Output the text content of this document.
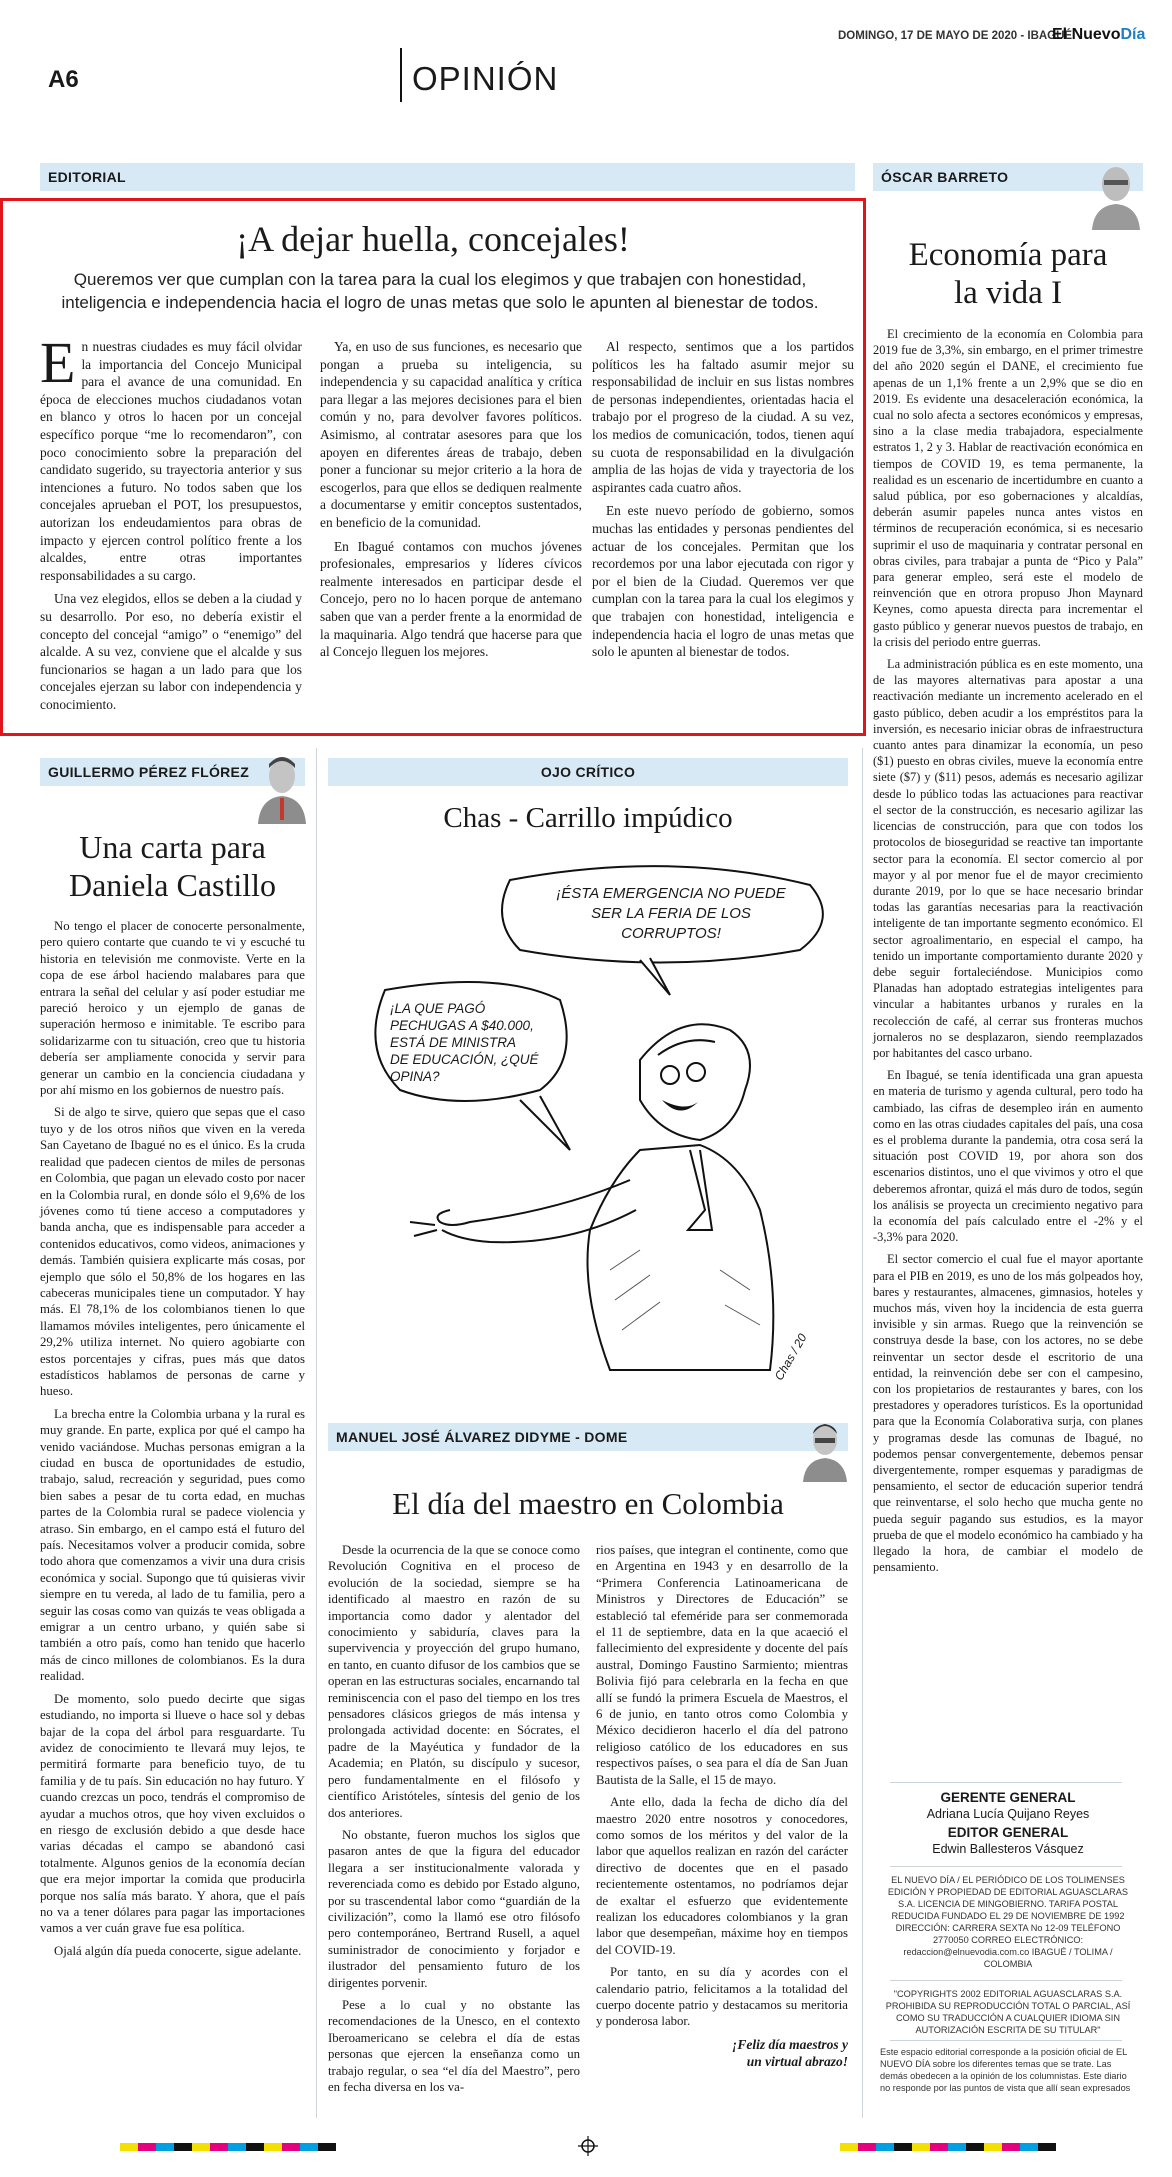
DOMINGO, 17 DE MAYO DE 2020 - IBAGUÉ
El NuevoDía
A6	OPINIÓN
EDITORIAL
¡A dejar huella, concejales!
Queremos ver que cumplan con la tarea para la cual los elegimos y que trabajen con honestidad, inteligencia e independencia hacia el logro de unas metas que solo le apunten al bienestar de todos.

En nuestras ciudades es muy fácil olvidar la importancia del Concejo Municipal para el avance de una comunidad. En época de elecciones muchos ciudadanos votan en blanco y otros lo hacen por un concejal específico porque “me lo recomendaron”, con poco conocimiento sobre la preparación del candidato sugerido, su trayectoria anterior y sus intenciones a futuro. No todos saben que los concejales aprueban el POT, los presupuestos, autorizan los endeudamientos para obras de impacto y ejercen control político frente a los alcaldes, entre otras importantes responsabilidades a su cargo.

Una vez elegidos, ellos se deben a la ciudad y su desarrollo. Por eso, no debería existir el concepto del concejal “amigo” o “enemigo” del alcalde. A su vez, conviene que el alcalde y sus funcionarios se hagan a un lado para que los concejales ejerzan su labor con independencia y conocimiento.

Ya, en uso de sus funciones, es necesario que pongan a prueba su inteligencia, su independencia y su capacidad analítica y crítica para llegar a las mejores decisiones para el bien común y no, para devolver favores políticos. Asimismo, al contratar asesores para que los apoyen en diferentes áreas de trabajo, deben poner a funcionar su mejor criterio a la hora de escogerlos, para que ellos se dediquen realmente a documentarse y emitir conceptos sustentados, en beneficio de la comunidad.

En Ibagué contamos con muchos jóvenes profesionales, empresarios y líderes cívicos realmente interesados en participar desde el Concejo, pero no lo hacen porque de antemano saben que van a perder frente a la enormidad de la maquinaria. Algo tendrá que hacerse para que al Concejo lleguen los mejores.

Al respecto, sentimos que a los partidos políticos les ha faltado asumir mejor su responsabilidad de incluir en sus listas nombres de personas independientes, orientadas hacia el trabajo por el progreso de la ciudad. A su vez, los medios de comunicación, todos, tienen aquí su cuota de responsabilidad en la divulgación amplia de las hojas de vida y trayectoria de los aspirantes cada cuatro años.

En este nuevo período de gobierno, somos muchas las entidades y personas pendientes del actuar de los concejales. Permitan que los recordemos por una labor ejecutada con rigor y por el bien de la Ciudad. Queremos ver que cumplan con la tarea para la cual los elegimos y que trabajen con honestidad, inteligencia e independencia hacia el logro de unas metas que solo le apunten al bienestar de todos.

ÓSCAR BARRETO
Economía para
la vida I

El crecimiento de la economía en Colombia para 2019 fue de 3,3%, sin embargo, en el primer trimestre del año 2020 según el DANE, el crecimiento fue apenas de un 1,1% frente a un 2,9% que se dio en 2019. Es evidente una desaceleración económica, la cual no solo afecta a sectores económicos y empresas, sino a la clase media trabajadora, especialmente estratos 1, 2 y 3. Hablar de reactivación económica en tiempos de COVID 19, es tema permanente, la realidad es un escenario de incertidumbre en cuanto a salud pública, por eso gobernaciones y alcaldías, deberán asumir papeles nunca antes vistos en términos de recuperación económica, si es necesario suprimir el uso de maquinaria y contratar personal en obras civiles, para trabajar a punta de “Pico y Pala” para generar empleo, será este el modelo de reinvención que en otrora propuso Jhon Maynard Keynes, como apuesta directa para incrementar el gasto público y generar nuevos puestos de trabajo, en la crisis del periodo entre guerras.

La administración pública es en este momento, una de las mayores alternativas para apostar a una reactivación mediante un incremento acelerado en el gasto público, deben acudir a los empréstitos para la inversión, es necesario iniciar obras de infraestructura cuanto antes para dinamizar la economía, un peso ($1) puesto en obras civiles, mueve la economía entre siete ($7) y ($11) pesos, además es necesario agilizar desde lo público todas las actuaciones para reactivar el sector de la construcción, es necesario agilizar las licencias de construcción, para que con todos los protocolos de bioseguridad se reactive tan importante sector para la economía. El sector comercio al por mayor y al por menor fue el de mayor crecimiento durante 2019, por lo que se hace necesario brindar todas las garantías necesarias para la reactivación inteligente de tan importante segmento económico. El sector agroalimentario, en especial el campo, ha tenido un importante comportamiento durante 2020 y debe seguir fortaleciéndose. Municipios como Planadas han adoptado estrategias inteligentes para vincular a habitantes urbanos y rurales en la recolección de café, al cerrar sus fronteras muchos jornaleros no se desplazaron, siendo reemplazados por habitantes del casco urbano.

En Ibagué, se tenía identificada una gran apuesta en materia de turismo y agenda cultural, pero todo ha cambiado, las cifras de desempleo irán en aumento como en las otras ciudades capitales del país, una cosa es el problema durante la pandemia, otra cosa será la situación post COVID 19, por ahora son dos escenarios distintos, uno el que vivimos y otro el que deberemos afrontar, quizá el más duro de todos, según los análisis se proyecta un crecimiento negativo para la economía del país calculado entre el -2% y el -3,3% para 2020.

El sector comercio el cual fue el mayor aportante para el PIB en 2019, es uno de los más golpeados hoy, bares y restaurantes, almacenes, gimnasios, hoteles y muchos más, viven hoy la incidencia de esta guerra invisible y sin armas. Ruego que la reinvención se construya desde la base, con los actores, no se debe reinventar un sector desde el escritorio de una entidad, la reinvención debe ser con el campesino, con los propietarios de restaurantes y bares, con los prestadores y operadores turísticos. Es la oportunidad para que la Economía Colaborativa surja, con planes y programas desde las comunas de Ibagué, no podemos pensar convergentemente, debemos pensar divergentemente, romper esquemas y paradigmas de pensamiento, el sector de educación superior tendrá que reinventarse, el solo hecho que mucha gente no pueda seguir pagando sus estudios, es la mayor prueba de que el modelo económico ha cambiado y ha llegado la hora, de cambiar el modelo de pensamiento.

GUILLERMO PÉREZ FLÓREZ
Una carta para
Daniela Castillo

No tengo el placer de conocerte personalmente, pero quiero contarte que cuando te vi y escuché tu historia en televisión me conmoviste. Verte en la copa de ese árbol haciendo malabares para que entrara la señal del celular y así poder estudiar me pareció heroico y un ejemplo de ganas de superación hermoso e inimitable. Te escribo para solidarizarme con tu situación, creo que tu historia debería ser ampliamente conocida y servir para generar un cambio en la conciencia ciudadana y por ahí mismo en los gobiernos de nuestro país.

Si de algo te sirve, quiero que sepas que el caso tuyo y de los otros niños que viven en la vereda San Cayetano de Ibagué no es el único. Es la cruda realidad que padecen cientos de miles de personas en Colombia, que pagan un elevado costo por nacer en la Colombia rural, en donde sólo el 9,6% de los jóvenes como tú tiene acceso a computadores y banda ancha, que es indispensable para acceder a contenidos educativos, como videos, animaciones y demás. También quisiera explicarte más cosas, por ejemplo que sólo el 50,8% de los hogares en las cabeceras municipales tiene un computador. Y hay más. El 78,1% de los colombianos tienen lo que llamamos móviles inteligentes, pero únicamente el 29,2% utiliza internet. No quiero agobiarte con estos porcentajes y cifras, pues más que datos estadísticos hablamos de personas de carne y hueso.

La brecha entre la Colombia urbana y la rural es muy grande. En parte, explica por qué el campo ha venido vaciándose. Muchas personas emigran a la ciudad en busca de oportunidades de estudio, trabajo, salud, recreación y seguridad, pues como bien sabes a pesar de tu corta edad, en muchas partes de la Colombia rural se padece violencia y atraso. Sin embargo, en el campo está el futuro del país. Necesitamos volver a producir comida, sobre todo ahora que comenzamos a vivir una dura crisis económica y social. Supongo que tú quisieras vivir siempre en tu vereda, al lado de tu familia, pero a seguir las cosas como van quizás te veas obligada a emigrar a un centro urbano, y quién sabe si también a otro país, como han tenido que hacerlo más de cinco millones de colombianos. Es la dura realidad.

De momento, solo puedo decirte que sigas estudiando, no importa si llueve o hace sol y debas bajar de la copa del árbol para resguardarte. Tu avidez de conocimiento te llevará muy lejos, te permitirá formarte para beneficio tuyo, de tu familia y de tu país. Sin educación no hay futuro. Y cuando crezcas un poco, tendrás el compromiso de ayudar a muchos otros, que hoy viven excluidos o en riesgo de exclusión debido a que desde hace varias décadas el campo se abandonó casi totalmente. Algunos genios de la economía decían que era mejor importar la comida que producirla porque nos salía más barato. Y ahora, que el país no va a tener dólares para pagar las importaciones vamos a ver cuán grave fue esa política.

Ojalá algún día pueda conocerte, sigue adelante.

OJO CRÍTICO
Chas - Carrillo impúdico
¡ÉSTA EMERGENCIA NO PUEDE
SER LA FERIA DE LOS
CORRUPTOS!
¡LA QUE PAGÓ
PECHUGAS A $40.000,
ESTÁ DE MINISTRA
DE EDUCACIÓN, ¿QUÉ
OPINA?
Chas / 20
MANUEL JOSÉ ÁLVAREZ DIDYME - DOME
El día del maestro en Colombia

Desde la ocurrencia de la que se conoce como Revolución Cognitiva en el proceso de evolución de la sociedad, siempre se ha identificado al maestro en razón de su importancia como dador y alentador del conocimiento y sabiduría, claves para la supervivencia y proyección del grupo humano, en tanto, en cuanto difusor de los cambios que se operan en las estructuras sociales, encarnando tal reminiscencia con el paso del tiempo en los tres pensadores clásicos griegos de más intensa y prolongada actividad docente: en Sócrates, el padre de la Mayéutica y fundador de la Academia; en Platón, su discípulo y sucesor, pero fundamentalmente en el filósofo y científico Aristóteles, síntesis del genio de los dos anteriores.

No obstante, fueron muchos los siglos que pasaron antes de que la figura del educador llegara a ser institucionalmente valorada y reverenciada como es debido por Estado alguno, por su trascendental labor como “guardián de la civilización”, como la llamó ese otro filósofo pero contemporáneo, Bertrand Rusell, a aquel suministrador de conocimiento y forjador e ilustrador del pensamiento futuro de los dirigentes porvenir.

Pese a lo cual y no obstante las recomendaciones de la Unesco, en el contexto Iberoamericano se celebra el día de estas personas que ejercen la enseñanza como un trabajo regular, o sea “el día del Maestro”, pero en fecha diversa en los va-

rios países, que integran el continente, como que en Argentina en 1943 y en desarrollo de la “Primera Conferencia Latinoamericana de Ministros y Directores de Educación” se estableció tal efeméride para ser conmemorada el 11 de septiembre, data en la que acaeció el fallecimiento del expresidente y docente del país austral, Domingo Faustino Sarmiento; mientras Bolivia fijó para celebrarla en la fecha en que allí se fundó la primera Escuela de Maestros, el 6 de junio, en tanto otros como Colombia y México decidieron hacerlo el día del patrono religioso católico de los educadores en sus respectivos países, o sea para el día de San Juan Bautista de la Salle, el 15 de mayo.

Ante ello, dada la fecha de dicho día del maestro 2020 entre nosotros y conocedores, como somos de los méritos y del valor de la labor que aquellos realizan en razón del carácter directivo de docentes que en el pasado recientemente ostentamos, no podríamos dejar de exaltar el esfuerzo que evidentemente realizan los educadores colombianos y la gran labor que desempeñan, máxime hoy en tiempos del COVID-19.

Por tanto, en su día y acordes con el calendario patrio, felicitamos a la totalidad del cuerpo docente patrio y destacamos su meritoria y ponderosa labor.

¡Feliz día maestros y
un virtual abrazo!
GERENTE GENERAL
Adriana Lucía Quijano Reyes
EDITOR GENERAL
Edwin Ballesteros Vásquez
EL NUEVO DÍA / EL PERIÓDICO DE LOS TOLIMENSES EDICIÓN Y PROPIEDAD DE EDITORIAL AGUASCLARAS S.A. LICENCIA DE MINGOBIERNO. TARIFA POSTAL REDUCIDA FUNDADO EL 29 DE NOVIEMBRE DE 1992 DIRECCIÓN: CARRERA SEXTA No 12-09 TELÉFONO 2770050 CORREO ELECTRÓNICO: redaccion@elnuevodia.com.co IBAGUÉ / TOLIMA / COLOMBIA
"COPYRIGHTS 2002 EDITORIAL AGUASCLARAS S.A. PROHIBIDA SU REPRODUCCIÓN TOTAL O PARCIAL, ASÍ COMO SU TRADUCCIÓN A CUALQUIER IDIOMA SIN AUTORIZACIÓN ESCRITA DE SU TITULAR"
Este espacio editorial corresponde a la posición oficial de EL NUEVO DÍA sobre los diferentes temas que se trate. Las demás obedecen a la opinión de los columnistas. Este diario no responde por las puntos de vista que allí sean expresados
